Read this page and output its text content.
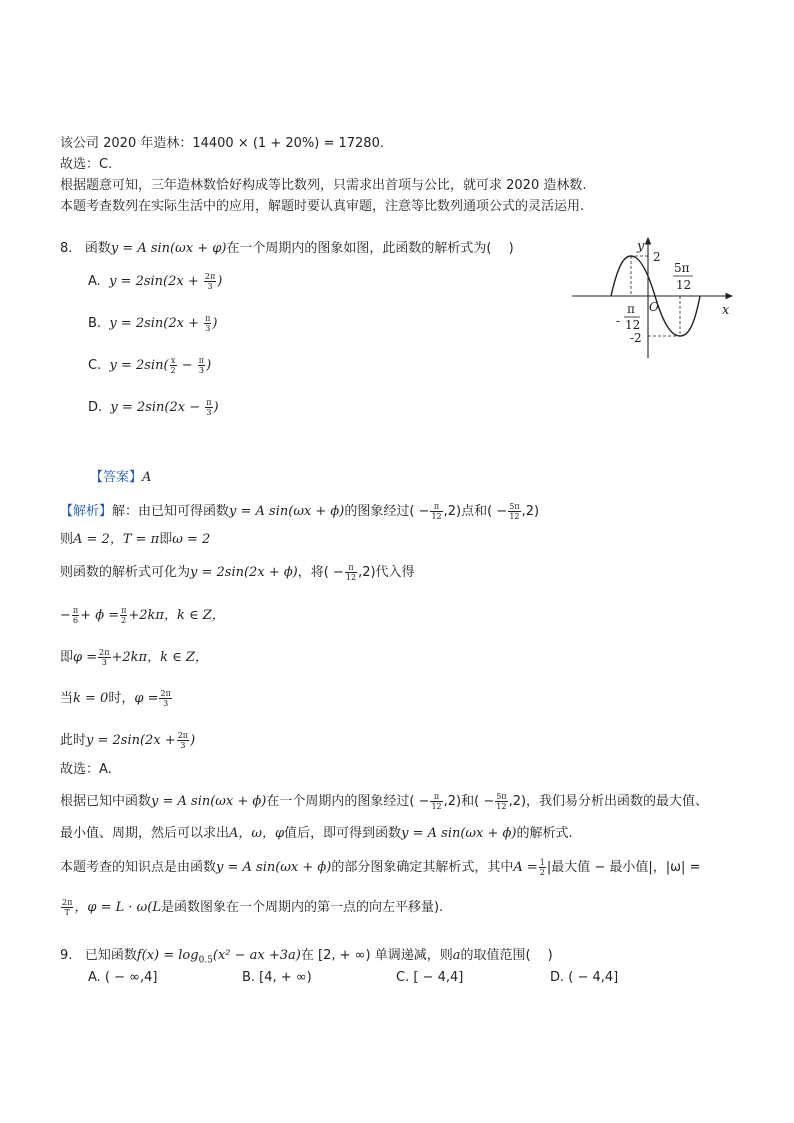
该公司 2020 年造林：14400 × (1 + 20%) = 17280.
故选：C.
根据题意可知，三年造林数恰好构成等比数列，只需求出首项与公比，就可求 2020 造林数.
本题考查数列在实际生活中的应用，解题时要认真审题，注意等比数列通项公式的灵活运用.
8. 函数y = A sin(ωx + φ)在一个周期内的图象如图，此函数的解析式为(　 )
A. $y = 2\sin(2x + \frac{2\pi}{3}$ )
B. $y = 2\sin(2x + \frac{\pi}{3}$ )
C. $y = 2\sin( \frac{x}{2} - \frac{\pi}{3}$ )
D. $y = 2\sin(2x - \frac{\pi}{3}$ )
y
x
2
-2
O
5π
12
-
π
12
【答案】A
【解析】解：由已知可得函数y = A sin(ωx + ϕ)的图象经过( − $\frac{\pi}{12} ,2$)点和( − $\frac{5\pi}{12} ,2$)
则A = 2，T = π即ω = 2
则函数的解析式可化为y = 2sin(2x + ϕ)，将( − $\frac{\pi}{12} ,2$)代入得
− $\frac{\pi}{6} + \phi = \frac{\pi}{2} +2k\pi$，k ∈ Z，
即$\varphi = \frac{2\pi}{3} +2k\pi$，k ∈ Z，
当k = 0时，$\varphi = \frac{2\pi}{3}$
此时$y = 2\sin(2x + \frac{2\pi}{3}$ )
故选：A.
根据已知中函数y = A sin(ωx + ϕ)在一个周期内的图象经过( − $\frac{\pi}{12} ,2$)和( − $\frac{5\pi}{12} ,2$)，我们易分析出函数的最大值、
最小值、周期，然后可以求出A，ω，φ值后，即可得到函数y = A sin(ωx + ϕ)的解析式.
本题考查的知识点是由函数y = A sin(ωx + ϕ)的部分图象确定其解析式，其中$A = \frac{1}{2}$ |最大值 − 最小值|，|ω| =
$\frac{2\pi}{T}$ ，φ = L · ω(L是函数图象在一个周期内的第一点的向左平移量).
9. 已知函数$f(x) = \log_{0.5}(x^2$ − ax +3a)在 [2, + ∞) 单调递减，则a的取值范围(　 )
A. ( − ∞,4]	B. [4, + ∞)	C. [ − 4,4]	D. ( − 4,4]
